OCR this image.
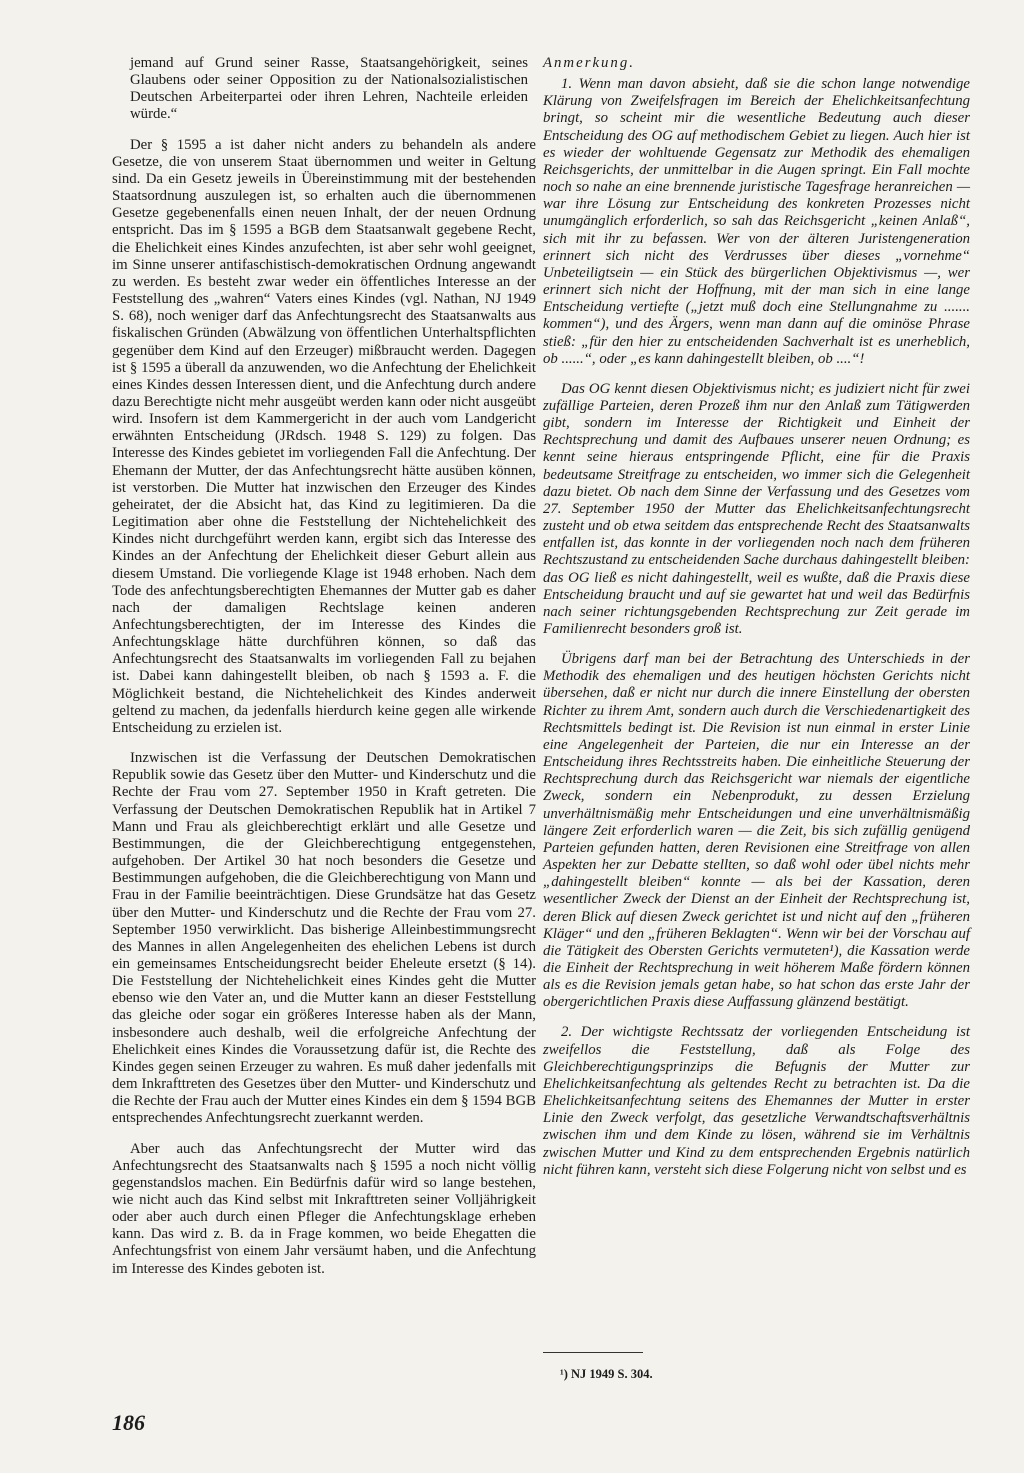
jemand auf Grund seiner Rasse, Staatsangehörigkeit, seines Glaubens oder seiner Opposition zu der Nationalsozialistischen Deutschen Arbeiterpartei oder ihren Lehren, Nachteile erleiden würde.“

Der § 1595 a ist daher nicht anders zu behandeln als andere Gesetze, die von unserem Staat übernommen und weiter in Geltung sind. Da ein Gesetz jeweils in Übereinstimmung mit der bestehenden Staatsordnung auszulegen ist, so erhalten auch die übernommenen Gesetze gegebenenfalls einen neuen Inhalt, der der neuen Ordnung entspricht. Das im § 1595 a BGB dem Staatsanwalt gegebene Recht, die Ehelichkeit eines Kindes anzufechten, ist aber sehr wohl geeignet, im Sinne unserer antifaschistisch-demokratischen Ordnung angewandt zu werden. Es besteht zwar weder ein öffentliches Interesse an der Feststellung des „wahren“ Vaters eines Kindes (vgl. Nathan, NJ 1949 S. 68), noch weniger darf das Anfechtungsrecht des Staatsanwalts aus fiskalischen Gründen (Abwälzung von öffentlichen Unterhaltspflichten gegenüber dem Kind auf den Erzeuger) mißbraucht werden. Dagegen ist § 1595 a überall da anzuwenden, wo die Anfechtung der Ehelichkeit eines Kindes dessen Interessen dient, und die Anfechtung durch andere dazu Berechtigte nicht mehr ausgeübt werden kann oder nicht ausgeübt wird. Insofern ist dem Kammergericht in der auch vom Landgericht erwähnten Entscheidung (JRdsch. 1948 S. 129) zu folgen. Das Interesse des Kindes gebietet im vorliegenden Fall die Anfechtung. Der Ehemann der Mutter, der das Anfechtungsrecht hätte ausüben können, ist verstorben. Die Mutter hat inzwischen den Erzeuger des Kindes geheiratet, der die Absicht hat, das Kind zu legitimieren. Da die Legitimation aber ohne die Feststellung der Nichtehelichkeit des Kindes nicht durchgeführt werden kann, ergibt sich das Interesse des Kindes an der Anfechtung der Ehelichkeit dieser Geburt allein aus diesem Umstand. Die vorliegende Klage ist 1948 erhoben. Nach dem Tode des anfechtungsberechtigten Ehemannes der Mutter gab es daher nach der damaligen Rechtslage keinen anderen Anfechtungsberechtigten, der im Interesse des Kindes die Anfechtungsklage hätte durchführen können, so daß das Anfechtungsrecht des Staatsanwalts im vorliegenden Fall zu bejahen ist. Dabei kann dahingestellt bleiben, ob nach § 1593 a. F. die Möglichkeit bestand, die Nichtehelichkeit des Kindes anderweit geltend zu machen, da jedenfalls hierdurch keine gegen alle wirkende Entscheidung zu erzielen ist.

Inzwischen ist die Verfassung der Deutschen Demokratischen Republik sowie das Gesetz über den Mutter- und Kinderschutz und die Rechte der Frau vom 27. September 1950 in Kraft getreten. Die Verfassung der Deutschen Demokratischen Republik hat in Artikel 7 Mann und Frau als gleichberechtigt erklärt und alle Gesetze und Bestimmungen, die der Gleichberechtigung entgegenstehen, aufgehoben. Der Artikel 30 hat noch besonders die Gesetze und Bestimmungen aufgehoben, die die Gleichberechtigung von Mann und Frau in der Familie beeinträchtigen. Diese Grundsätze hat das Gesetz über den Mutter- und Kinderschutz und die Rechte der Frau vom 27. September 1950 verwirklicht. Das bisherige Alleinbestimmungsrecht des Mannes in allen Angelegenheiten des ehelichen Lebens ist durch ein gemeinsames Entscheidungsrecht beider Eheleute ersetzt (§ 14). Die Feststellung der Nichtehelichkeit eines Kindes geht die Mutter ebenso wie den Vater an, und die Mutter kann an dieser Feststellung das gleiche oder sogar ein größeres Interesse haben als der Mann, insbesondere auch deshalb, weil die erfolgreiche Anfechtung der Ehelichkeit eines Kindes die Voraussetzung dafür ist, die Rechte des Kindes gegen seinen Erzeuger zu wahren. Es muß daher jedenfalls mit dem Inkrafttreten des Gesetzes über den Mutter- und Kinderschutz und die Rechte der Frau auch der Mutter eines Kindes ein dem § 1594 BGB entsprechendes Anfechtungsrecht zuerkannt werden.

Aber auch das Anfechtungsrecht der Mutter wird das Anfechtungsrecht des Staatsanwalts nach § 1595 a noch nicht völlig gegenstandslos machen. Ein Bedürfnis dafür wird so lange bestehen, wie nicht auch das Kind selbst mit Inkrafttreten seiner Volljährigkeit oder aber auch durch einen Pfleger die Anfechtungsklage erheben kann. Das wird z. B. da in Frage kommen, wo beide Ehegatten die Anfechtungsfrist von einem Jahr versäumt haben, und die Anfechtung im Interesse des Kindes geboten ist.

Anmerkung.

1. Wenn man davon absieht, daß sie die schon lange notwendige Klärung von Zweifelsfragen im Bereich der Ehelichkeitsanfechtung bringt, so scheint mir die wesentliche Bedeutung auch dieser Entscheidung des OG auf methodischem Gebiet zu liegen. Auch hier ist es wieder der wohltuende Gegensatz zur Methodik des ehemaligen Reichsgerichts, der unmittelbar in die Augen springt. Ein Fall mochte noch so nahe an eine brennende juristische Tagesfrage heranreichen — war ihre Lösung zur Entscheidung des konkreten Prozesses nicht unumgänglich erforderlich, so sah das Reichsgericht „keinen Anlaß“, sich mit ihr zu befassen. Wer von der älteren Juristengeneration erinnert sich nicht des Verdrusses über dieses „vornehme“ Unbeteiligtsein — ein Stück des bürgerlichen Objektivismus —, wer erinnert sich nicht der Hoffnung, mit der man sich in eine lange Entscheidung vertiefte („jetzt muß doch eine Stellungnahme zu ....... kommen“), und des Ärgers, wenn man dann auf die ominöse Phrase stieß: „für den hier zu entscheidenden Sachverhalt ist es unerheblich, ob ......“, oder „es kann dahingestellt bleiben, ob ....“!

Das OG kennt diesen Objektivismus nicht; es judiziert nicht für zwei zufällige Parteien, deren Prozeß ihm nur den Anlaß zum Tätigwerden gibt, sondern im Interesse der Richtigkeit und Einheit der Rechtsprechung und damit des Aufbaues unserer neuen Ordnung; es kennt seine hieraus entspringende Pflicht, eine für die Praxis bedeutsame Streitfrage zu entscheiden, wo immer sich die Gelegenheit dazu bietet. Ob nach dem Sinne der Verfassung und des Gesetzes vom 27. September 1950 der Mutter das Ehelichkeitsanfechtungsrecht zusteht und ob etwa seitdem das entsprechende Recht des Staatsanwalts entfallen ist, das konnte in der vorliegenden noch nach dem früheren Rechtszustand zu entscheidenden Sache durchaus dahingestellt bleiben: das OG ließ es nicht dahingestellt, weil es wußte, daß die Praxis diese Entscheidung braucht und auf sie gewartet hat und weil das Bedürfnis nach seiner richtungsgebenden Rechtsprechung zur Zeit gerade im Familienrecht besonders groß ist.

Übrigens darf man bei der Betrachtung des Unterschieds in der Methodik des ehemaligen und des heutigen höchsten Gerichts nicht übersehen, daß er nicht nur durch die innere Einstellung der obersten Richter zu ihrem Amt, sondern auch durch die Verschiedenartigkeit des Rechtsmittels bedingt ist. Die Revision ist nun einmal in erster Linie eine Angelegenheit der Parteien, die nur ein Interesse an der Entscheidung ihres Rechtsstreits haben. Die einheitliche Steuerung der Rechtsprechung durch das Reichsgericht war niemals der eigentliche Zweck, sondern ein Nebenprodukt, zu dessen Erzielung unverhältnismäßig mehr Entscheidungen und eine unverhältnismäßig längere Zeit erforderlich waren — die Zeit, bis sich zufällig genügend Parteien gefunden hatten, deren Revisionen eine Streitfrage von allen Aspekten her zur Debatte stellten, so daß wohl oder übel nichts mehr „dahingestellt bleiben“ konnte — als bei der Kassation, deren wesentlicher Zweck der Dienst an der Einheit der Rechtsprechung ist, deren Blick auf diesen Zweck gerichtet ist und nicht auf den „früheren Kläger“ und den „früheren Beklagten“. Wenn wir bei der Vorschau auf die Tätigkeit des Obersten Gerichts vermuteten¹), die Kassation werde die Einheit der Rechtsprechung in weit höherem Maße fördern können als es die Revision jemals getan habe, so hat schon das erste Jahr der obergerichtlichen Praxis diese Auffassung glänzend bestätigt.

2. Der wichtigste Rechtssatz der vorliegenden Entscheidung ist zweifellos die Feststellung, daß als Folge des Gleichberechtigungsprinzips die Befugnis der Mutter zur Ehelichkeitsanfechtung als geltendes Recht zu betrachten ist. Da die Ehelichkeitsanfechtung seitens des Ehemannes der Mutter in erster Linie den Zweck verfolgt, das gesetzliche Verwandtschaftsverhältnis zwischen ihm und dem Kinde zu lösen, während sie im Verhältnis zwischen Mutter und Kind zu dem entsprechenden Ergebnis natürlich nicht führen kann, versteht sich diese Folgerung nicht von selbst und es

¹) NJ 1949 S. 304.
186
